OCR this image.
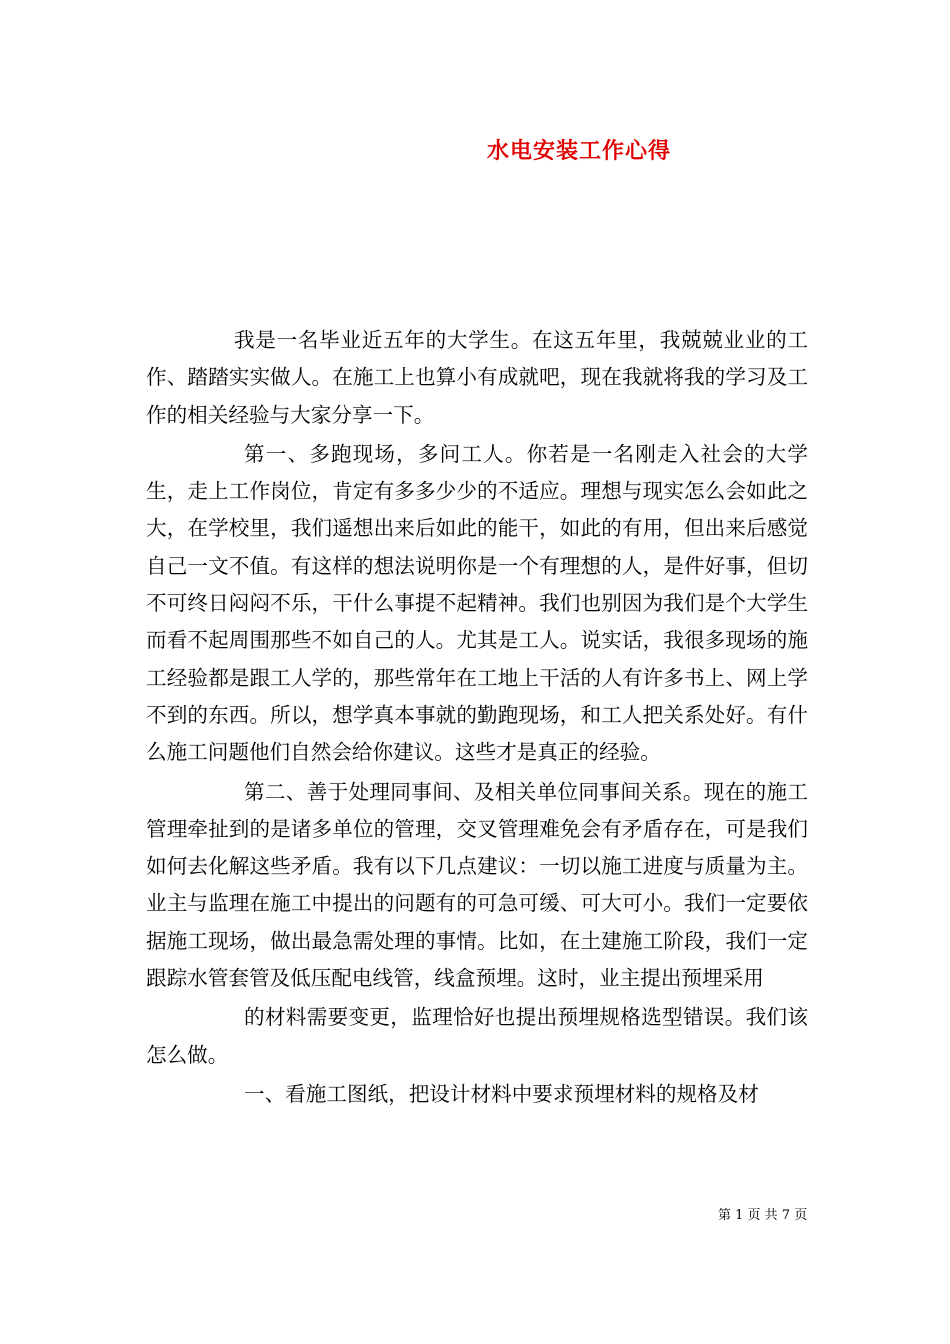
水电安装工作心得

我是一名毕业近五年的大学生。在这五年里，我兢兢业业的工作、踏踏实实做人。在施工上也算小有成就吧，现在我就将我的学习及工作的相关经验与大家分享一下。

第一、多跑现场，多问工人。你若是一名刚走入社会的大学生，走上工作岗位，肯定有多多少少的不适应。理想与现实怎么会如此之大，在学校里，我们遥想出来后如此的能干，如此的有用，但出来后感觉自己一文不值。有这样的想法说明你是一个有理想的人，是件好事，但切不可终日闷闷不乐，干什么事提不起精神。我们也别因为我们是个大学生而看不起周围那些不如自己的人。尤其是工人。说实话，我很多现场的施工经验都是跟工人学的，那些常年在工地上干活的人有许多书上、网上学不到的东西。所以，想学真本事就的勤跑现场，和工人把关系处好。有什么施工问题他们自然会给你建议。这些才是真正的经验。

第二、善于处理同事间、及相关单位同事间关系。现在的施工管理牵扯到的是诸多单位的管理，交叉管理难免会有矛盾存在，可是我们如何去化解这些矛盾。我有以下几点建议：一切以施工进度与质量为主。业主与监理在施工中提出的问题有的可急可缓、可大可小。我们一定要依据施工现场，做出最急需处理的事情。比如，在土建施工阶段，我们一定跟踪水管套管及低压配电线管，线盒预埋。这时，业主提出预埋采用

的材料需要变更，监理恰好也提出预埋规格选型错误。我们该怎么做。

一、看施工图纸，把设计材料中要求预埋材料的规格及材

第 1 页 共 7 页
